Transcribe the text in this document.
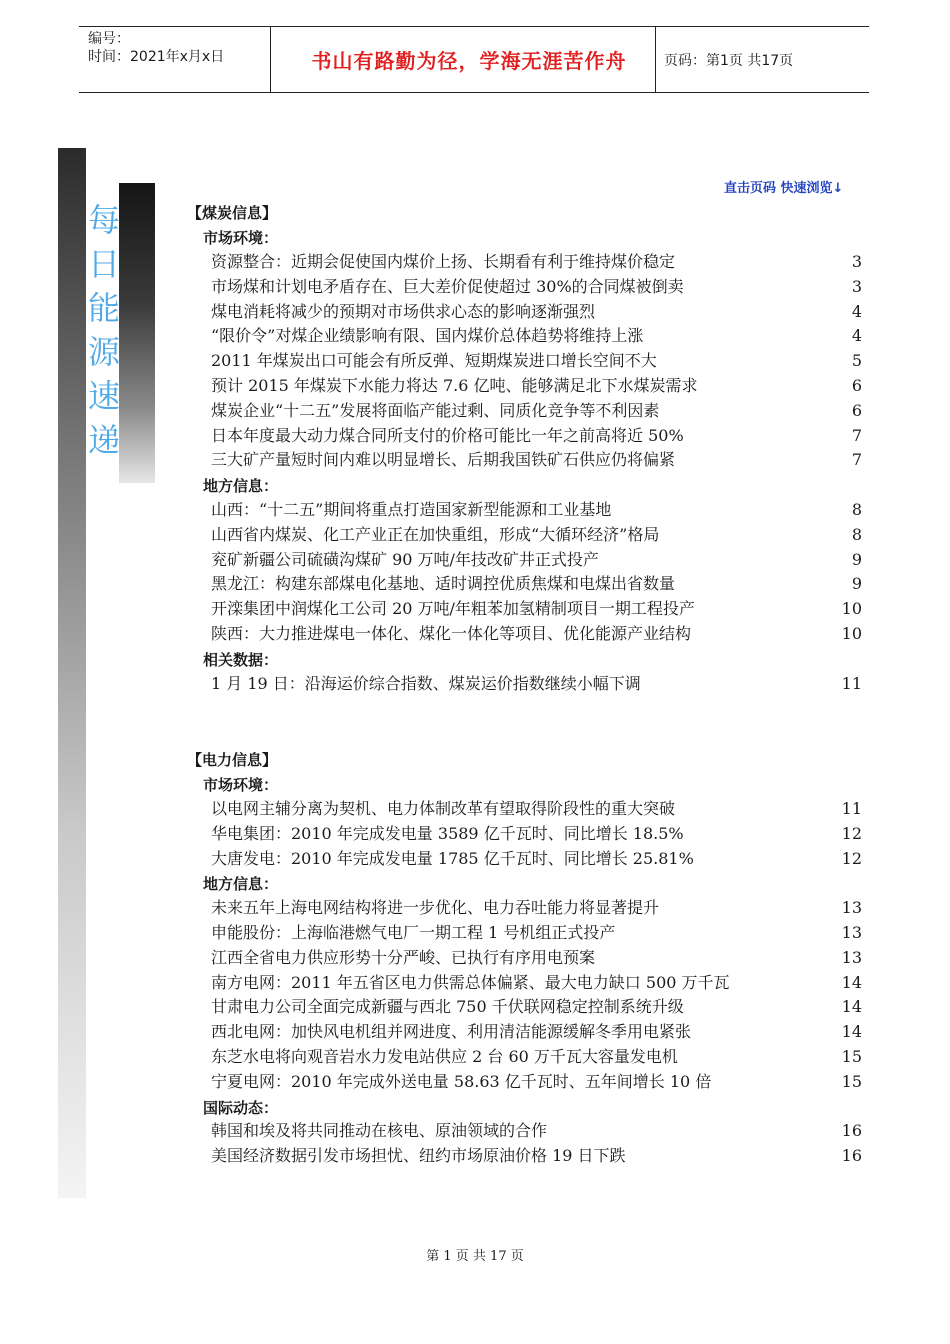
编号：
时间：2021年x月x日	书山有路勤为径，学海无涯苦作舟	页码：第1页 共17页
每日能源速递
直击页码 快速浏览↓
【煤炭信息】
市场环境：
资源整合：近期会促使国内煤价上扬、长期看有利于维持煤价稳定	3
市场煤和计划电矛盾存在、巨大差价促使超过 30%的合同煤被倒卖	3
煤电消耗将减少的预期对市场供求心态的影响逐渐强烈	4
“限价令”对煤企业绩影响有限、国内煤价总体趋势将维持上涨	4
2011 年煤炭出口可能会有所反弹、短期煤炭进口增长空间不大	5
预计 2015 年煤炭下水能力将达 7.6 亿吨、能够满足北下水煤炭需求	6
煤炭企业“十二五”发展将面临产能过剩、同质化竞争等不利因素	6
日本年度最大动力煤合同所支付的价格可能比一年之前高将近 50%	7
三大矿产量短时间内难以明显增长、后期我国铁矿石供应仍将偏紧	7
地方信息：
山西：“十二五”期间将重点打造国家新型能源和工业基地	8
山西省内煤炭、化工产业正在加快重组，形成“大循环经济”格局	8
兖矿新疆公司硫磺沟煤矿 90 万吨/年技改矿井正式投产	9
黑龙江：构建东部煤电化基地、适时调控优质焦煤和电煤出省数量	9
开滦集团中润煤化工公司 20 万吨/年粗苯加氢精制项目一期工程投产	10
陕西：大力推进煤电一体化、煤化一体化等项目、优化能源产业结构	10
相关数据：
1 月 19 日：沿海运价综合指数、煤炭运价指数继续小幅下调	11
【电力信息】
市场环境：
以电网主辅分离为契机、电力体制改革有望取得阶段性的重大突破	11
华电集团：2010 年完成发电量 3589 亿千瓦时、同比增长 18.5%	12
大唐发电：2010 年完成发电量 1785 亿千瓦时、同比增长 25.81%	12
地方信息：
未来五年上海电网结构将进一步优化、电力吞吐能力将显著提升	13
申能股份：上海临港燃气电厂一期工程 1 号机组正式投产	13
江西全省电力供应形势十分严峻、已执行有序用电预案	13
南方电网：2011 年五省区电力供需总体偏紧、最大电力缺口 500 万千瓦	14
甘肃电力公司全面完成新疆与西北 750 千伏联网稳定控制系统升级	14
西北电网：加快风电机组并网进度、利用清洁能源缓解冬季用电紧张	14
东芝水电将向观音岩水力发电站供应 2 台 60 万千瓦大容量发电机	15
宁夏电网：2010 年完成外送电量 58.63 亿千瓦时、五年间增长 10 倍	15
国际动态：
韩国和埃及将共同推动在核电、原油领域的合作	16
美国经济数据引发市场担忧、纽约市场原油价格 19 日下跌	16
第 1 页 共 17 页
